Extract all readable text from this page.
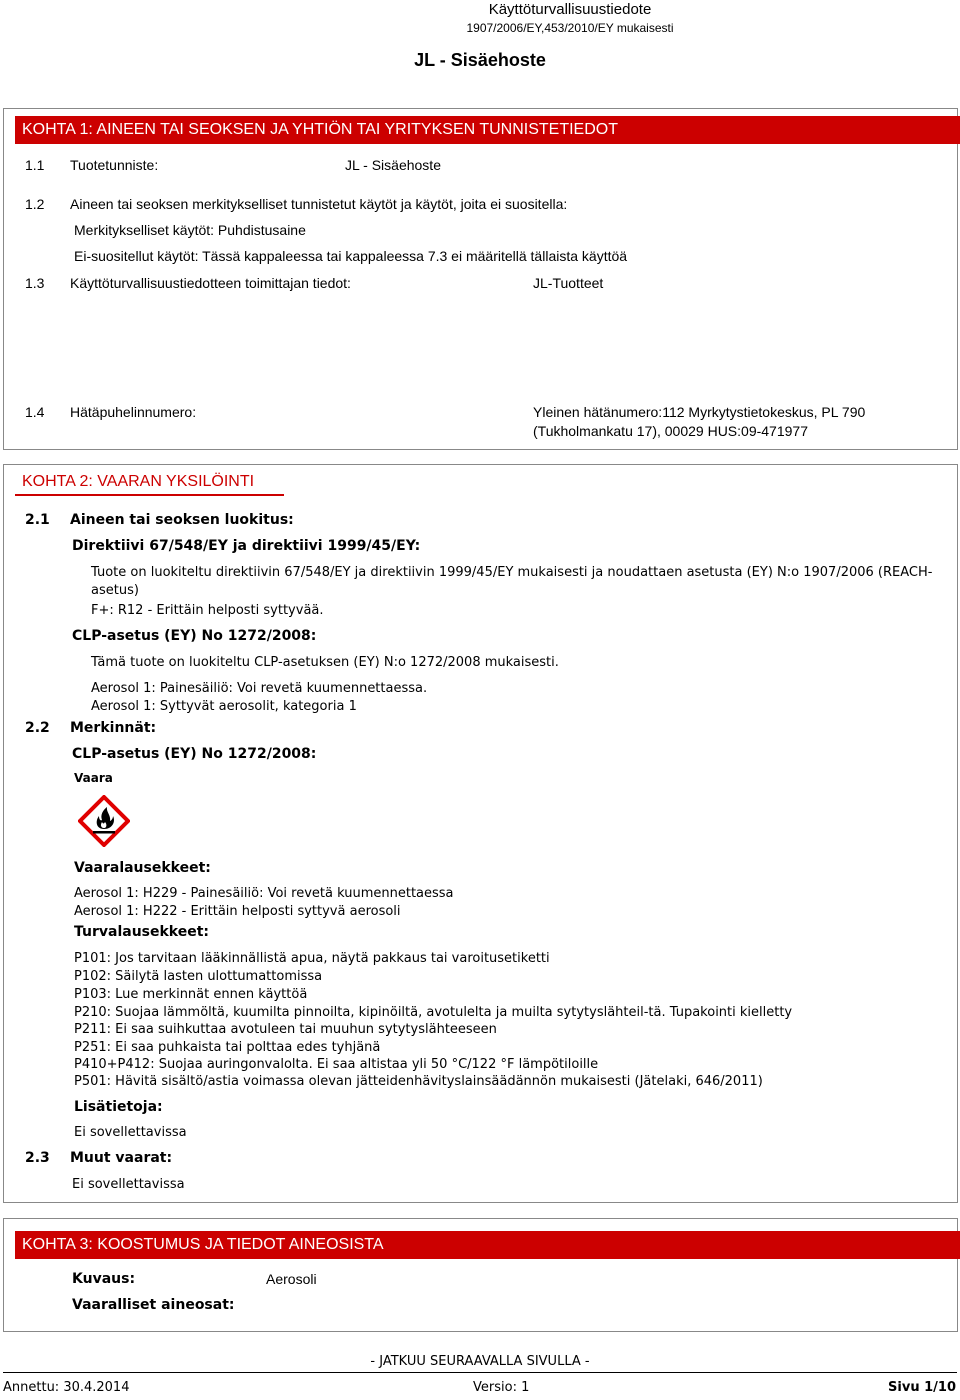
Käyttöturvallisuustiedote
1907/2006/EY,453/2010/EY mukaisesti
JL - Sisäehoste
KOHTA 1: AINEEN TAI SEOKSEN JA YHTIÖN TAI YRITYKSEN TUNNISTETIEDOT
1.1 Tuotetunniste:	JL - Sisäehoste
1.2 Aineen tai seoksen merkitykselliset tunnistetut käytöt ja käytöt, joita ei suositella:
Merkitykselliset käytöt: Puhdistusaine
Ei-suositellut käytöt: Tässä kappaleessa tai kappaleessa 7.3 ei määritellä tällaista käyttöä
1.3 Käyttöturvallisuustiedotteen toimittajan tiedot:	JL-Tuotteet
1.4 Hätäpuhelinnumero:	Yleinen hätänumero:112 Myrkytystietokeskus, PL 790
(Tukholmankatu 17), 00029 HUS:09-471977
KOHTA 2: VAARAN YKSILÖINTI
2.1 Aineen tai seoksen luokitus:
Direktiivi 67/548/EY ja direktiivi 1999/45/EY:
Tuote on luokiteltu direktiivin 67/548/EY ja direktiivin 1999/45/EY mukaisesti ja noudattaen asetusta (EY) N:o 1907/2006 (REACH-
asetus)
F+: R12 - Erittäin helposti syttyvää.
CLP-asetus (EY) No 1272/2008:
Tämä tuote on luokiteltu CLP-asetuksen (EY) N:o 1272/2008 mukaisesti.
Aerosol 1: Painesäiliö: Voi revetä kuumennettaessa.
Aerosol 1: Syttyvät aerosolit, kategoria 1
2.2 Merkinnät:
CLP-asetus (EY) No 1272/2008:
Vaara
Vaaralausekkeet:
Aerosol 1: H229 - Painesäiliö: Voi revetä kuumennettaessa
Aerosol 1: H222 - Erittäin helposti syttyvä aerosoli
Turvalausekkeet:
P101: Jos tarvitaan lääkinnällistä apua, näytä pakkaus tai varoitusetiketti
P102: Säilytä lasten ulottumattomissa
P103: Lue merkinnät ennen käyttöä
P210: Suojaa lämmöltä, kuumilta pinnoilta, kipinöiltä, avotulelta ja muilta sytytyslähteil-tä. Tupakointi kielletty
P211: Ei saa suihkuttaa avotuleen tai muuhun sytytyslähteeseen
P251: Ei saa puhkaista tai polttaa edes tyhjänä
P410+P412: Suojaa auringonvalolta. Ei saa altistaa yli 50 °C/122 °F lämpötiloille
P501: Hävitä sisältö/astia voimassa olevan jätteidenhävityslainsäädännön mukaisesti (Jätelaki, 646/2011)
Lisätietoja:
Ei sovellettavissa
2.3 Muut vaarat:
Ei sovellettavissa
KOHTA 3: KOOSTUMUS JA TIEDOT AINEOSISTA
Kuvaus:	Aerosoli
Vaaralliset aineosat:
- JATKUU SEURAAVALLA SIVULLA -
Annettu: 30.4.2014	Versio: 1	Sivu 1/10
